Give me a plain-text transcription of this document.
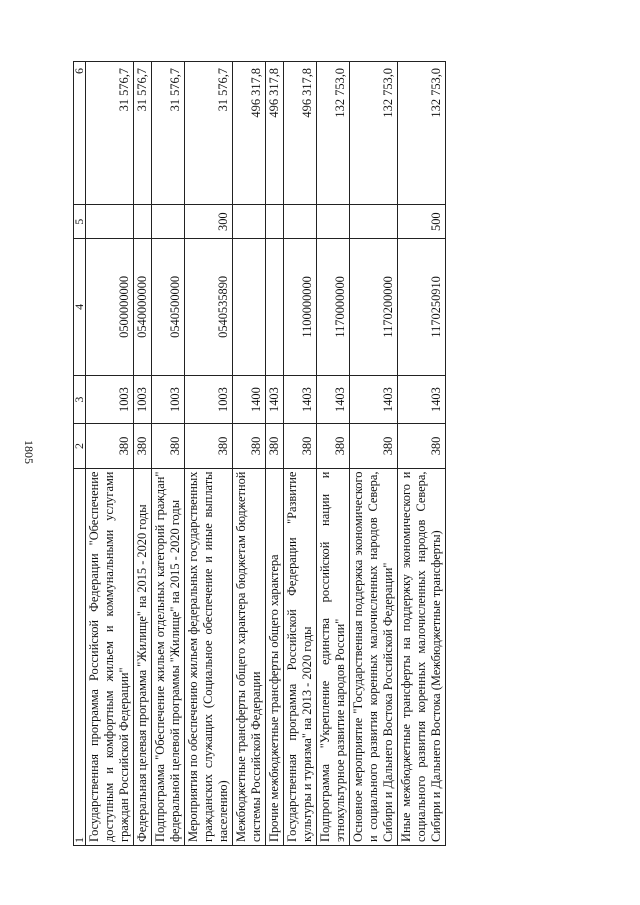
1805
1	2	3	4	5	6
Государственная программа Российской Федерации "Обеспечение доступным и комфортным жильем и коммунальными услугами граждан Российской Федерации"	380	1003	0500000000		31 576,7
Федеральная целевая программа "Жилище" на 2015 - 2020 годы	380	1003	0540000000		31 576,7
Подпрограмма "Обеспечение жильем отдельных категорий граждан" федеральной целевой программы "Жилище" на 2015 - 2020 годы	380	1003	0540500000		31 576,7
Мероприятия по обеспечению жильем федеральных государственных гражданских служащих (Социальное обеспечение и иные выплаты населению)	380	1003	0540535890	300	31 576,7
Межбюджетные трансферты общего характера бюджетам бюджетной системы Российской Федерации	380	1400			496 317,8
Прочие межбюджетные трансферты общего характера	380	1403			496 317,8
Государственная программа Российской Федерации "Развитие культуры и туризма" на 2013 - 2020 годы	380	1403	1100000000		496 317,8
Подпрограмма "Укрепление единства российской нации и этнокультурное развитие народов России"	380	1403	1170000000		132 753,0
Основное мероприятие "Государственная поддержка экономического и социального развития коренных малочисленных народов Севера, Сибири и Дальнего Востока Российской Федерации"	380	1403	1170200000		132 753,0
Иные межбюджетные трансферты на поддержку экономического и социального развития коренных малочисленных народов Севера, Сибири и Дальнего Востока (Межбюджетные трансферты)	380	1403	1170250910	500	132 753,0
